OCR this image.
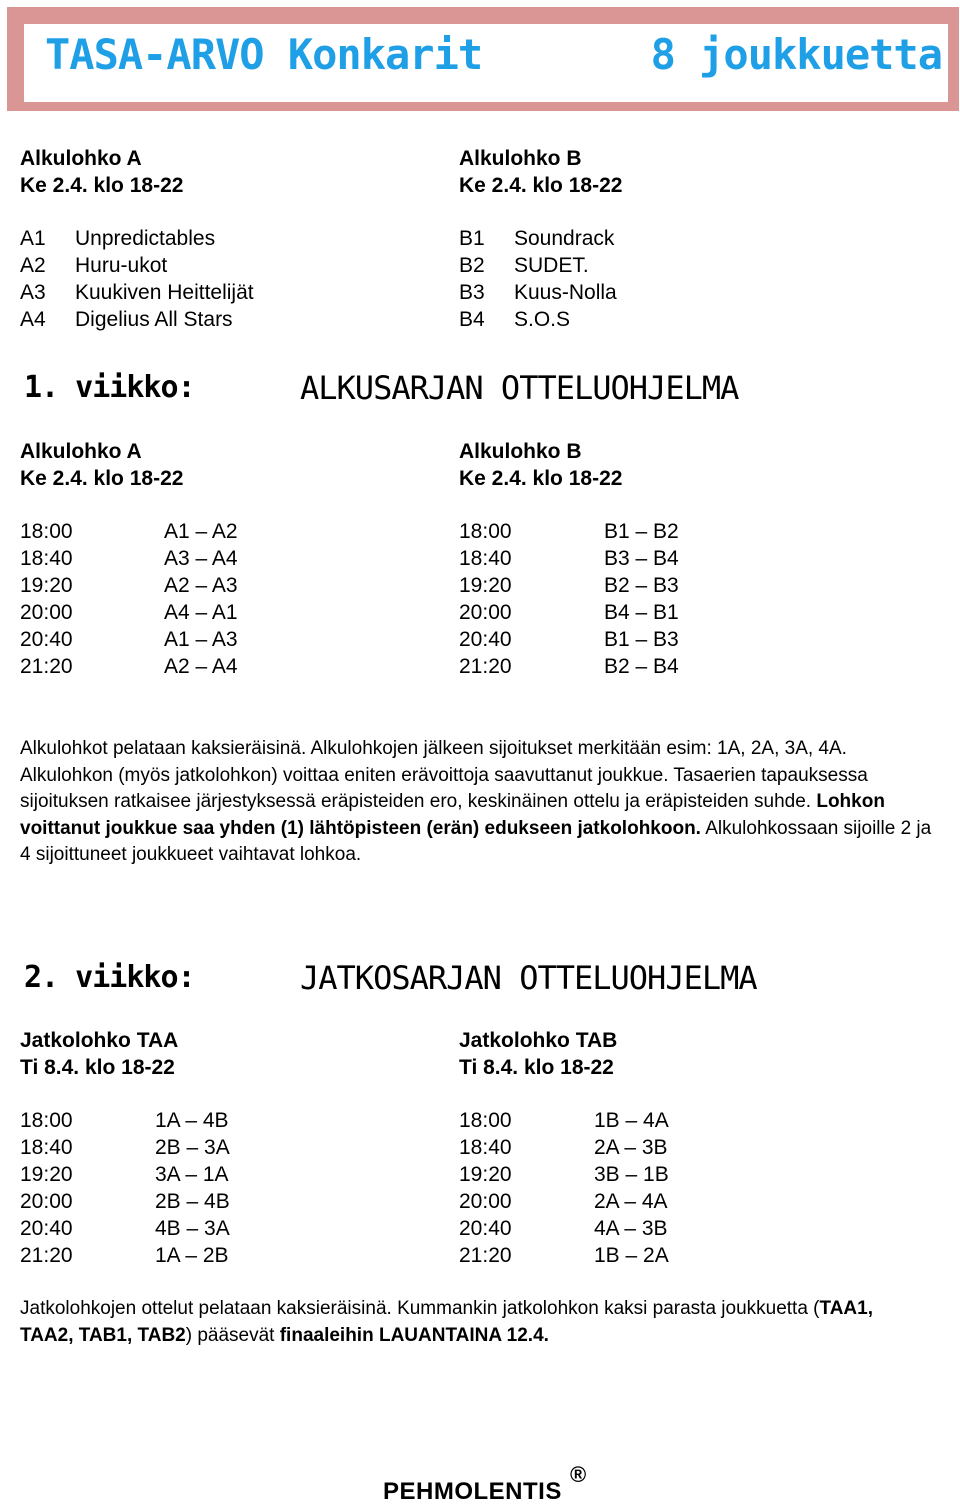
TASA-ARVO Konkarit	8 joukkuetta
Alkulohko A
Ke 2.4. klo 18-22
Alkulohko B
Ke 2.4. klo 18-22
A1 Unpredictables
A2 Huru-ukot
A3 Kuukiven Heittelijät
A4 Digelius All Stars
B1 Soundrack
B2 SUDET.
B3 Kuus-Nolla
B4 S.O.S
1. viikko:	ALKUSARJAN OTTELUOHJELMA
Alkulohko A
Ke 2.4. klo 18-22
Alkulohko B
Ke 2.4. klo 18-22
18:00	A1 – A2
18:40	A3 – A4
19:20	A2 – A3
20:00	A4 – A1
20:40	A1 – A3
21:20	A2 – A4
18:00	B1 – B2
18:40	B3 – B4
19:20	B2 – B3
20:00	B4 – B1
20:40	B1 – B3
21:20	B2 – B4
Alkulohkot pelataan kaksieräisinä. Alkulohkojen jälkeen sijoitukset merkitään esim: 1A, 2A, 3A, 4A. Alkulohkon (myös jatkolohkon) voittaa eniten erävoittoja saavuttanut joukkue. Tasaerien tapauksessa sijoituksen ratkaisee järjestyksessä eräpisteiden ero, keskinäinen ottelu ja eräpisteiden suhde. Lohkon voittanut joukkue saa yhden (1) lähtöpisteen (erän) edukseen jatkolohkoon. Alkulohkossaan sijoille 2 ja 4 sijoittuneet joukkueet vaihtavat lohkoa.
2. viikko:	JATKOSARJAN OTTELUOHJELMA
Jatkolohko TAA
Ti 8.4. klo 18-22
Jatkolohko TAB
Ti 8.4. klo 18-22
18:00	1A – 4B
18:40	2B – 3A
19:20	3A – 1A
20:00	2B – 4B
20:40	4B – 3A
21:20	1A – 2B
18:00	1B – 4A
18:40	2A – 3B
19:20	3B – 1B
20:00	2A – 4A
20:40	4A – 3B
21:20	1B – 2A
Jatkolohkojen ottelut pelataan kaksieräisinä. Kummankin jatkolohkon kaksi parasta joukkuetta (TAA1, TAA2, TAB1, TAB2) pääsevät finaaleihin LAUANTAINA 12.4.
PEHMOLENTIS
®
